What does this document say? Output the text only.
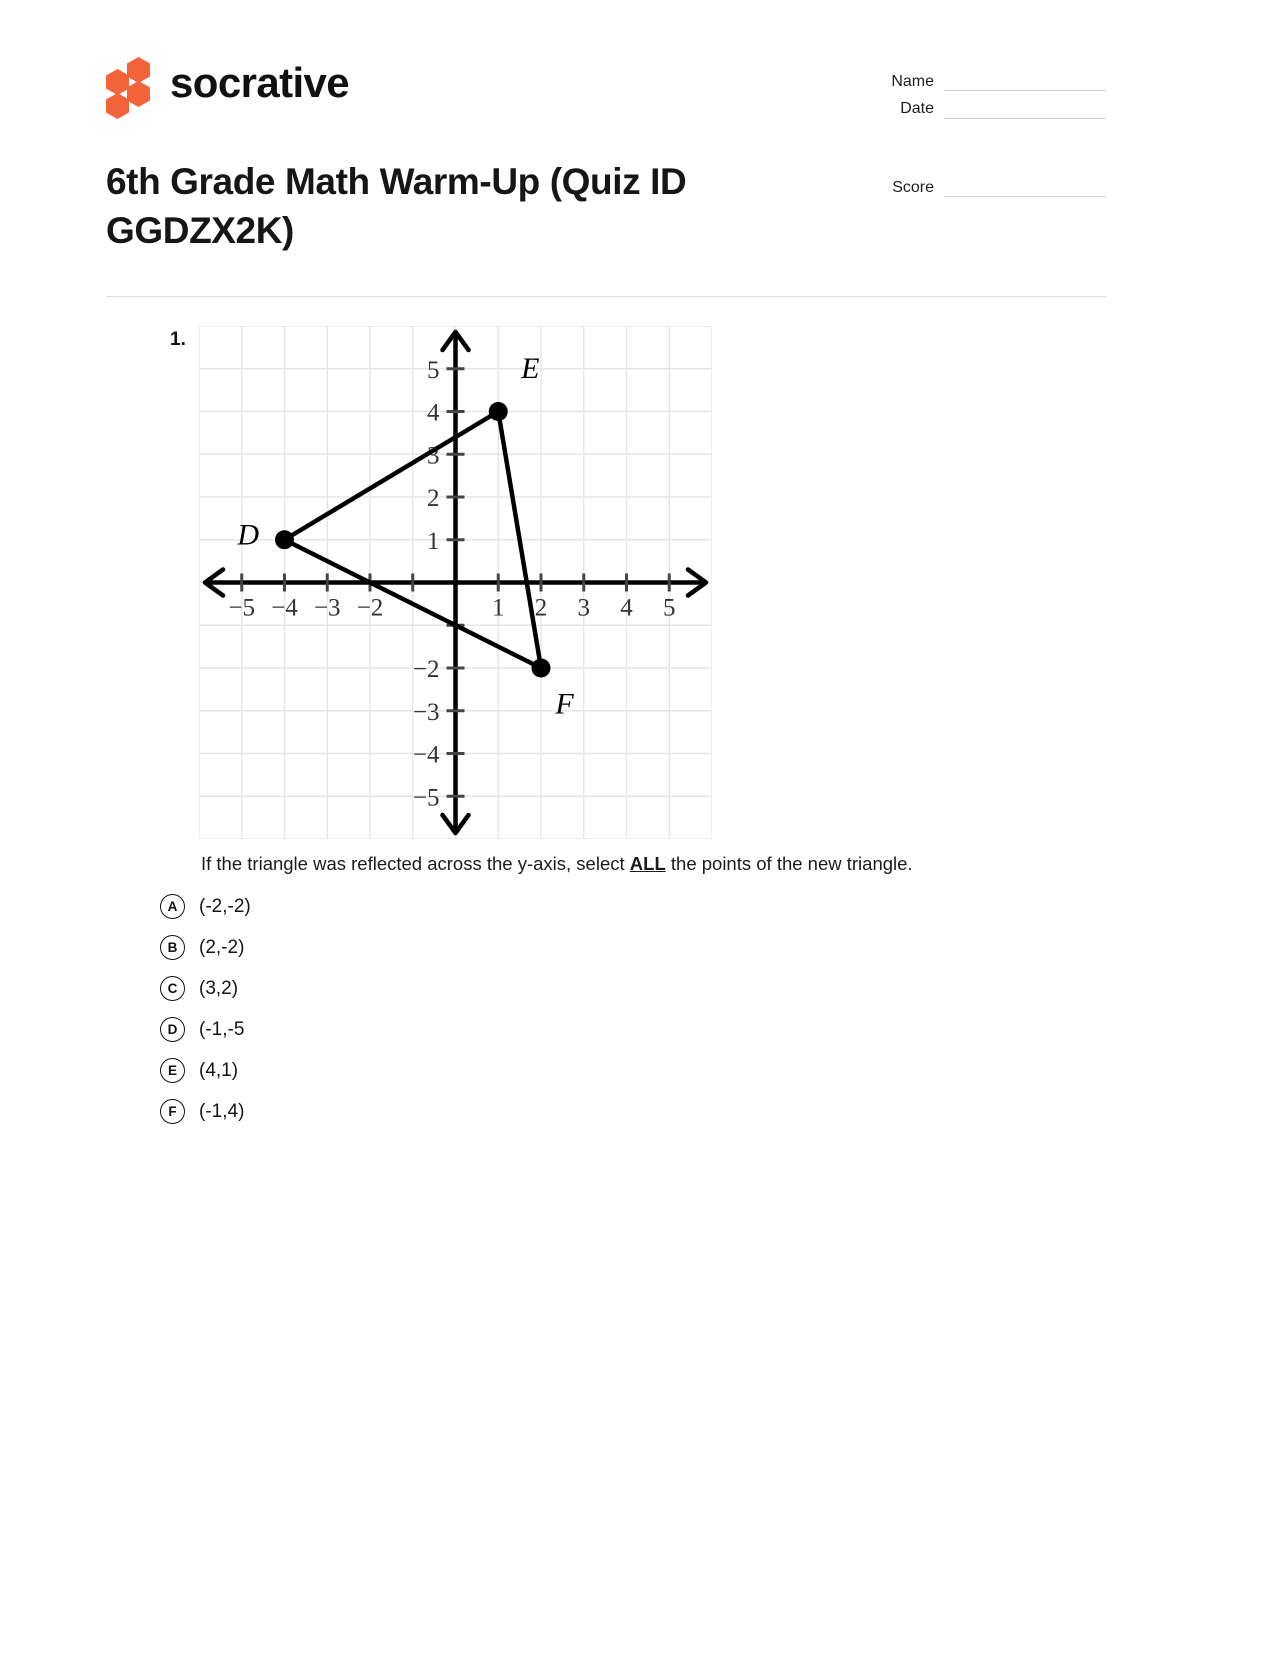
socrative	Name
Date
Score
6th Grade Math Warm-Up (Quiz ID GGDZX2K)
1.
−5 −4 −3 −2	1 2 3 4 5
5
4
3
2
1
−2
−3
−4
−5
D
E
F
If the triangle was reflected across the y-axis, select ALL the points of the new triangle.
A	(-2,-2)
B	(2,-2)
C	(3,2)
D	(-1,-5
E	(4,1)
F	(-1,4)
